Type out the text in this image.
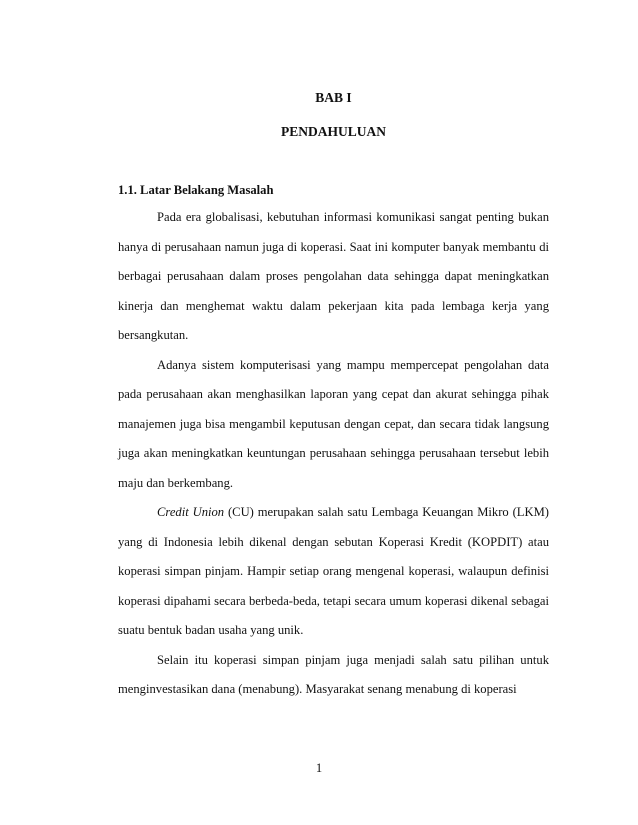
BAB I
PENDAHULUAN
1.1. Latar Belakang Masalah

Pada era globalisasi, kebutuhan informasi komunikasi sangat penting bukan hanya di perusahaan namun juga di koperasi. Saat ini komputer banyak membantu di berbagai perusahaan dalam proses pengolahan data sehingga dapat meningkatkan kinerja dan menghemat waktu dalam pekerjaan kita pada lembaga kerja yang bersangkutan.

Adanya sistem komputerisasi yang mampu mempercepat pengolahan data pada perusahaan akan menghasilkan laporan yang cepat dan akurat sehingga pihak manajemen juga bisa mengambil keputusan dengan cepat, dan secara tidak langsung juga akan meningkatkan keuntungan perusahaan sehingga perusahaan tersebut lebih maju dan berkembang.

Credit Union (CU) merupakan salah satu Lembaga Keuangan Mikro (LKM) yang di Indonesia lebih dikenal dengan sebutan Koperasi Kredit (KOPDIT) atau koperasi simpan pinjam. Hampir setiap orang mengenal koperasi, walaupun definisi koperasi dipahami secara berbeda-beda, tetapi secara umum koperasi dikenal sebagai suatu bentuk badan usaha yang unik.

Selain itu koperasi simpan pinjam juga menjadi salah satu pilihan untuk menginvestasikan dana (menabung). Masyarakat senang menabung di koperasi

1
